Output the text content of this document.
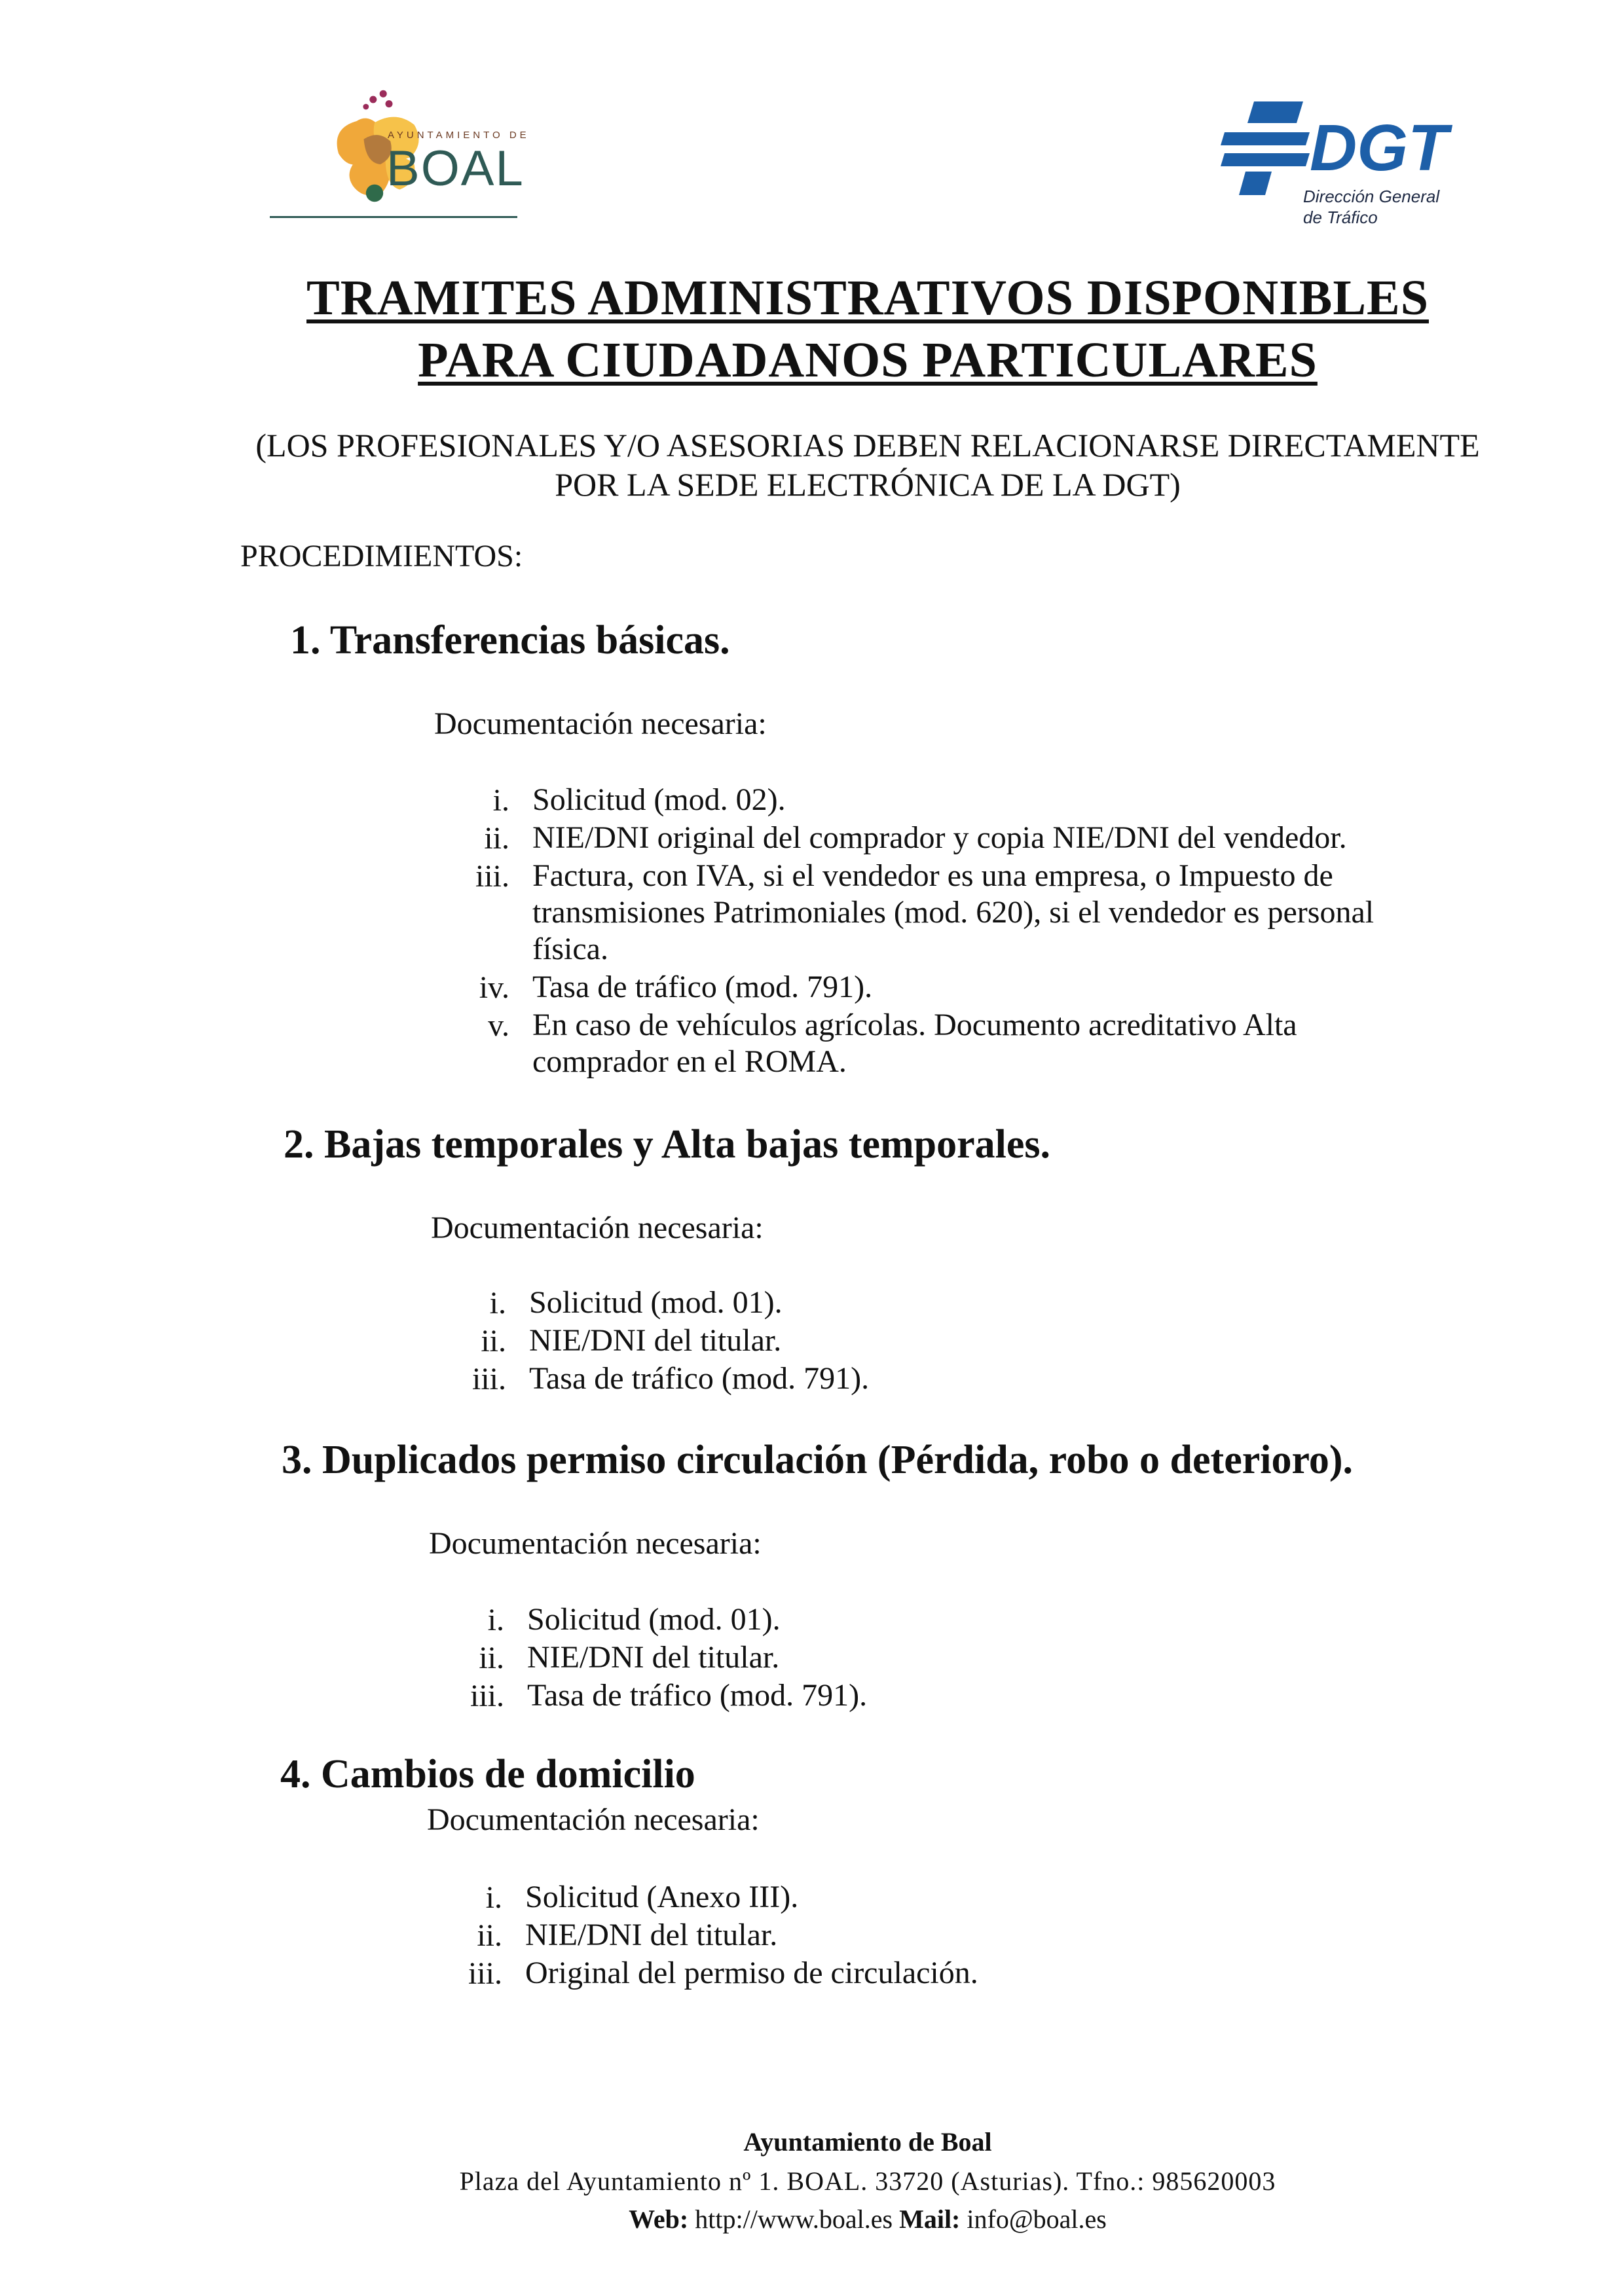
AYUNTAMIENTO DE
BOAL	DGT
Dirección General
de Tráfico
TRAMITES ADMINISTRATIVOS DISPONIBLES
PARA CIUDADANOS PARTICULARES
(LOS PROFESIONALES Y/O ASESORIAS DEBEN RELACIONARSE DIRECTAMENTE
POR LA SEDE ELECTRÓNICA DE LA DGT)
PROCEDIMIENTOS:
1. Transferencias básicas.
Documentación necesaria:
i. Solicitud (mod. 02).
ii. NIE/DNI original del comprador y copia NIE/DNI del vendedor.
iii. Factura, con IVA, si el vendedor es una empresa, o Impuesto de
transmisiones Patrimoniales (mod. 620), si el vendedor es personal
física.
iv. Tasa de tráfico (mod. 791).
v. En caso de vehículos agrícolas. Documento acreditativo Alta
comprador en el ROMA.
2. Bajas temporales y Alta bajas temporales.
Documentación necesaria:
i. Solicitud (mod. 01).
ii. NIE/DNI del titular.
iii. Tasa de tráfico (mod. 791).
3. Duplicados permiso circulación (Pérdida, robo o deterioro).
Documentación necesaria:
i. Solicitud (mod. 01).
ii. NIE/DNI del titular.
iii. Tasa de tráfico (mod. 791).
4. Cambios de domicilio
Documentación necesaria:
i. Solicitud (Anexo III).
ii. NIE/DNI del titular.
iii. Original del permiso de circulación.
Ayuntamiento de Boal
Plaza del Ayuntamiento nº 1. BOAL. 33720 (Asturias). Tfno.: 985620003
Web: http://www.boal.es Mail: info@boal.es
